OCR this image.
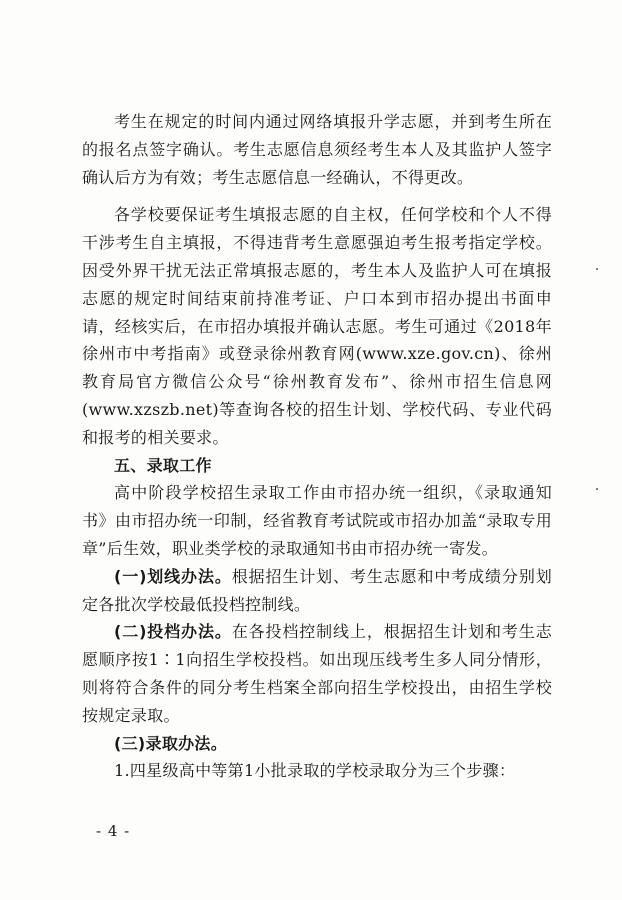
考生在规定的时间内通过网络填报升学志愿，并到考生所在的报名点签字确认。考生志愿信息须经考生本人及其监护人签字确认后方为有效；考生志愿信息一经确认，不得更改。

各学校要保证考生填报志愿的自主权，任何学校和个人不得干涉考生自主填报，不得违背考生意愿强迫考生报考指定学校。因受外界干扰无法正常填报志愿的，考生本人及监护人可在填报志愿的规定时间结束前持准考证、户口本到市招办提出书面申请，经核实后，在市招办填报并确认志愿。考生可通过《2018年徐州市中考指南》或登录徐州教育网(www.xze.gov.cn)、徐州教育局官方微信公众号“徐州教育发布”、徐州市招生信息网(www.xzszb.net)等查询各校的招生计划、学校代码、专业代码和报考的相关要求。

五、录取工作

高中阶段学校招生录取工作由市招办统一组织，《录取通知书》由市招办统一印制，经省教育考试院或市招办加盖“录取专用章”后生效，职业类学校的录取通知书由市招办统一寄发。

(一)划线办法。根据招生计划、考生志愿和中考成绩分别划定各批次学校最低投档控制线。

(二)投档办法。在各投档控制线上，根据招生计划和考生志愿顺序按1∶1向招生学校投档。如出现压线考生多人同分情形，则将符合条件的同分考生档案全部向招生学校投出，由招生学校按规定录取。

(三)录取办法。

1.四星级高中等第1小批录取的学校录取分为三个步骤：

- 4 -
